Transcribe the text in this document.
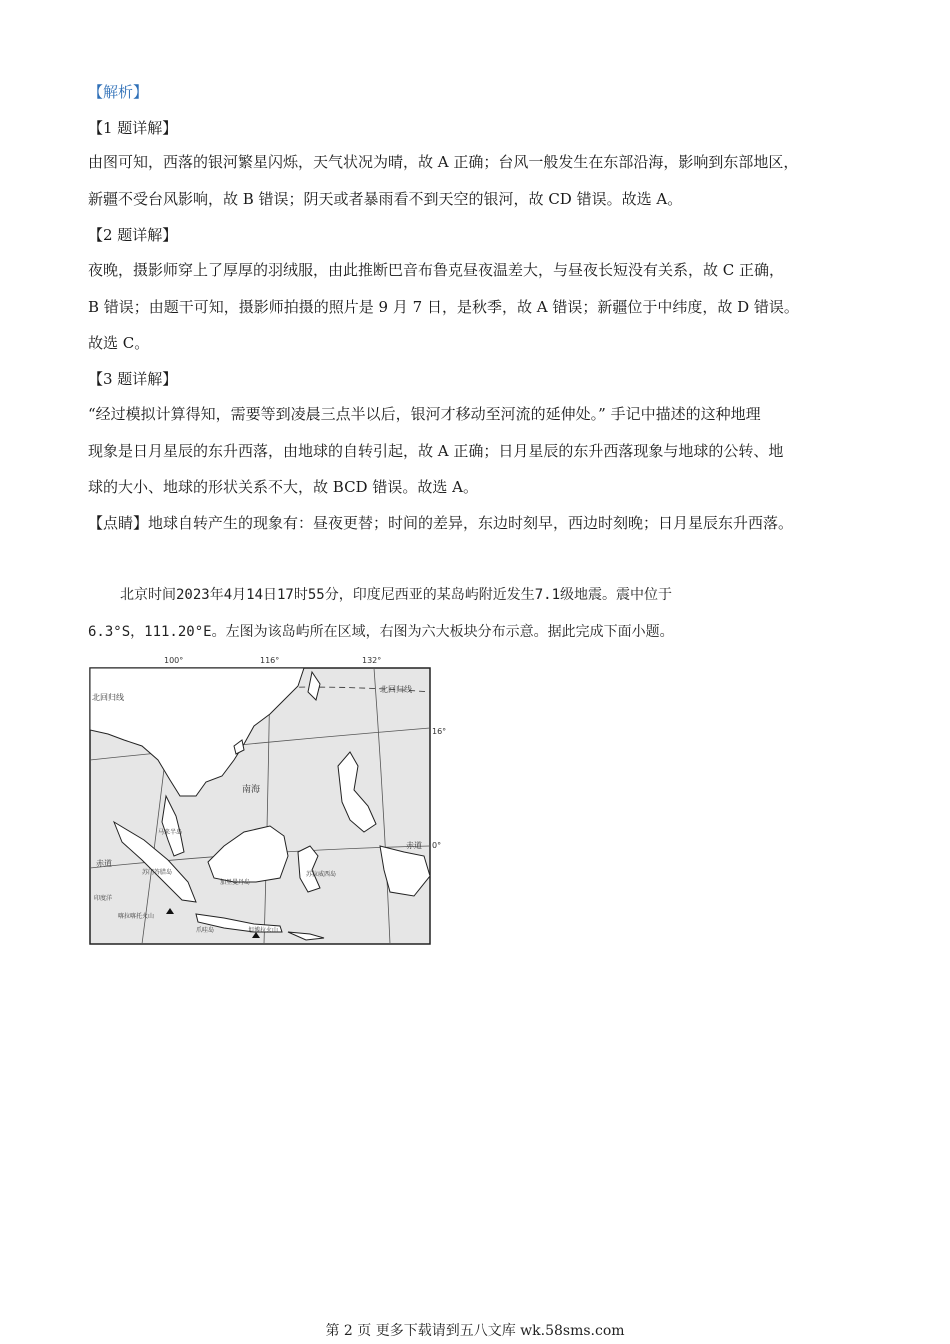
【解析】
【1 题详解】
由图可知，西落的银河繁星闪烁，天气状况为晴，故 A 正确；台风一般发生在东部沿海，影响到东部地区，
新疆不受台风影响，故 B 错误；阴天或者暴雨看不到天空的银河，故 CD 错误。故选 A。
【2 题详解】
夜晚，摄影师穿上了厚厚的羽绒服，由此推断巴音布鲁克昼夜温差大，与昼夜长短没有关系，故 C 正确，
B 错误；由题干可知，摄影师拍摄的照片是 9 月 7 日，是秋季，故 A 错误；新疆位于中纬度，故 D 错误。
故选 C。
【3 题详解】
“经过模拟计算得知，需要等到凌晨三点半以后，银河才移动至河流的延伸处。” 手记中描述的这种地理
现象是日月星辰的东升西落，由地球的自转引起，故 A 正确；日月星辰的东升西落现象与地球的公转、地
球的大小、地球的形状关系不大，故 BCD 错误。故选 A。
【点睛】地球自转产生的现象有：昼夜更替；时间的差异，东边时刻早，西边时刻晚；日月星辰东升西落。
北京时间2023年4月14日17时55分，印度尼西亚的某岛屿附近发生7.1级地震。震中位于
6.3°S，111.20°E。左图为该岛屿所在区域，右图为六大板块分布示意。据此完成下面小题。
100°	116°	132°
16°
0°
北回归线
北回归线
赤道
赤道
南海
马来半岛
苏门答腊岛
加里曼丹岛
苏拉威西岛
印度洋
喀拉喀托火山
爪哇岛	坦博拉火山
第 2 页 更多下载请到五八文库 wk.58sms.com
